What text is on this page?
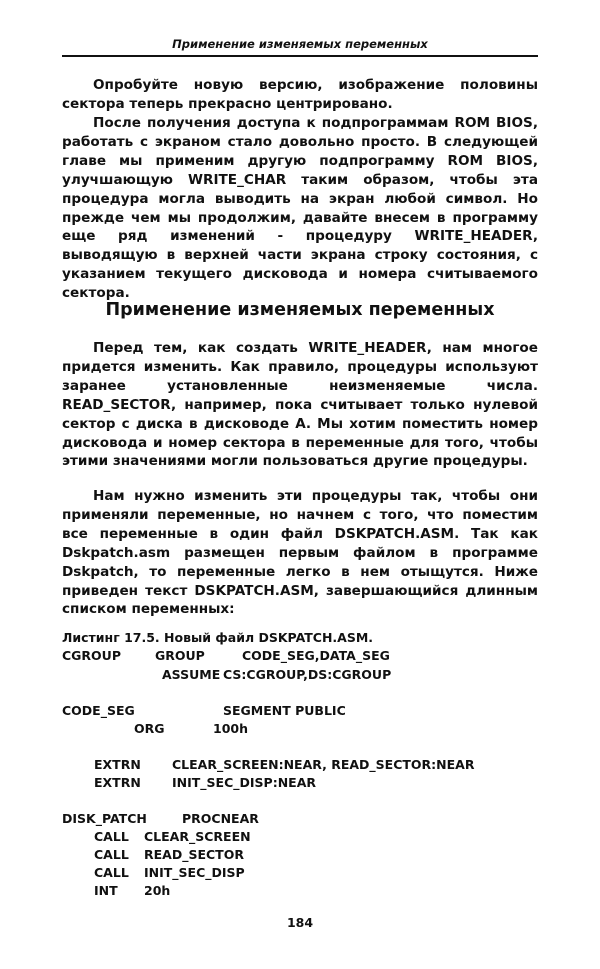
Применение изменяемых переменных

Опробуйте новую версию, изображение половины сектора теперь прекрасно центрировано.

После получения доступа к подпрограммам ROM BIOS, работать с экраном стало довольно просто. В следующей главе мы применим другую подпрограмму ROM BIOS, улучшающую WRITE_CHAR таким образом, чтобы эта процедура могла выводить на экран любой символ. Но прежде чем мы продолжим, давайте внесем в программу еще ряд изменений - процедуру WRITE_HEADER, выводящую в верхней части экрана строку состояния, с указанием текущего дисковода и номера считываемого сектора.

Применение изменяемых переменных

Перед тем, как создать WRITE_HEADER, нам многое придется изменить. Как правило, процедуры используют заранее установленные неизменяемые числа. READ_SECTOR, например, пока считывает только нулевой сектор с диска в дисководе А. Мы хотим поместить номер дисковода и номер сектора в переменные для того, чтобы этими значениями могли пользоваться другие процедуры.

Нам нужно изменить эти процедуры так, чтобы они применяли переменные, но начнем с того, что поместим все переменные в один файл DSKPATCH.ASM. Так как Dskpatch.asm размещен первым файлом в программе Dskpatch, то переменные легко в нем отыщутся. Ниже приведен текст DSKPATCH.ASM, завершающийся длинным списком переменных:

Листинг 17.5. Новый файл DSKPATCH.ASM.
CGROUP	GROUP	CODE_SEG,DATA_SEG
ASSUME CS:CGROUP,DS:CGROUP
CODE_SEG	SEGMENT PUBLIC
ORG	100h
EXTRN CLEAR_SCREEN:NEAR, READ_SECTOR:NEAR
EXTRN INIT_SEC_DISP:NEAR
DISK_PATCH	PROCNEAR
CALL CLEAR_SCREEN
CALL READ_SECTOR
CALL INIT_SEC_DISP
INT 20h
184
